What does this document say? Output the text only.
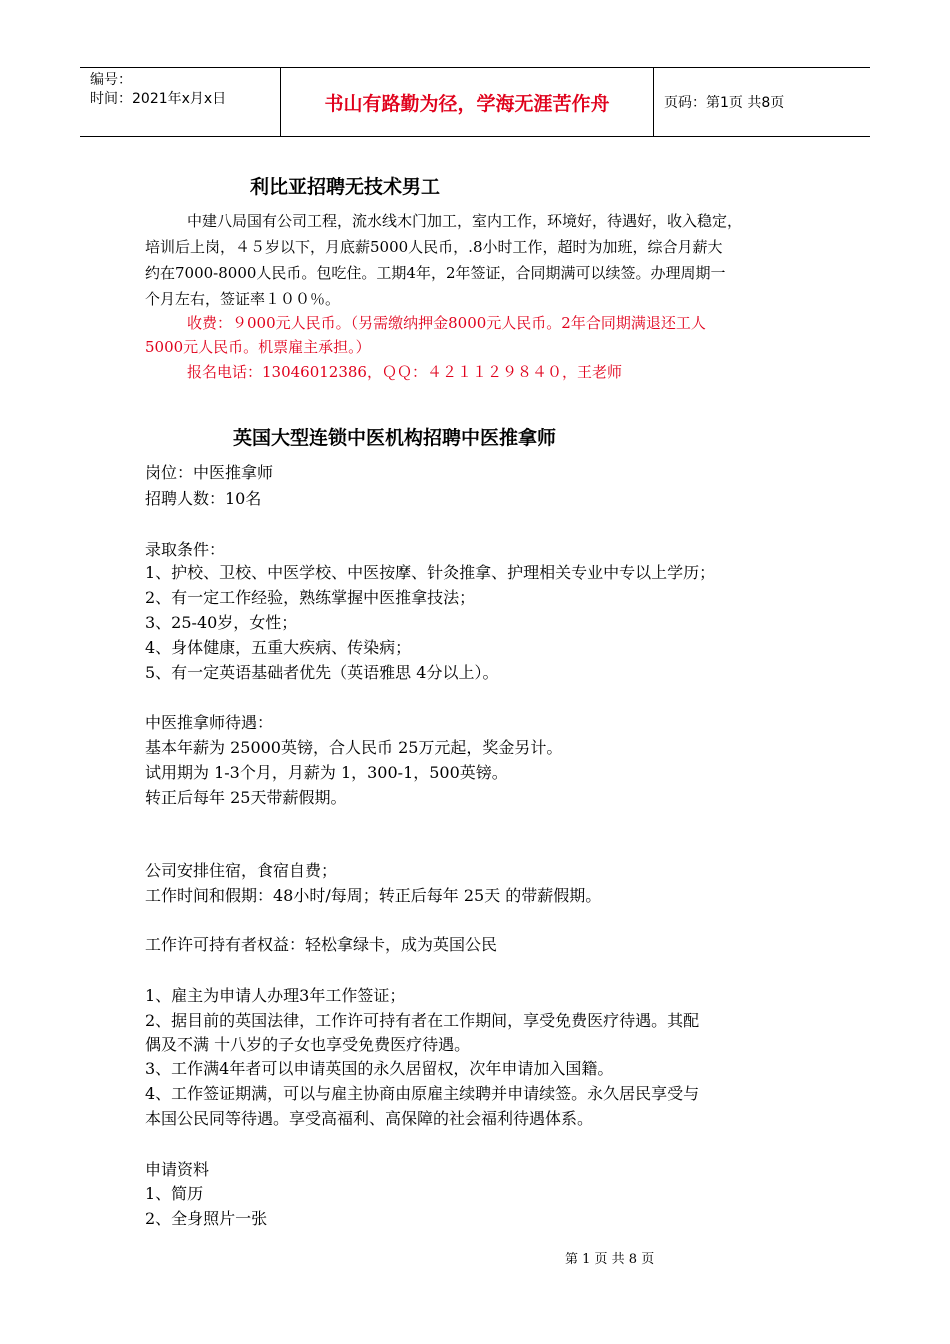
编号：
时间：2021年x月x日	书山有路勤为径，学海无涯苦作舟	页码：第1页 共8页
利比亚招聘无技术男工
中建八局国有公司工程，流水线木门加工，室内工作，环境好，待遇好，收入稳定，
培训后上岗，４５岁以下，月底薪5000人民币，.8小时工作，超时为加班，综合月薪大
约在7000-8000人民币。包吃住。工期4年，2年签证，合同期满可以续签。办理周期一
个月左右，签证率１００％。
收费：９000元人民币。（另需缴纳押金8000元人民币。2年合同期满退还工人
5000元人民币。机票雇主承担。）
报名电话：13046012386，ＱＱ：４２１１２９８４０，王老师
英国大型连锁中医机构招聘中医推拿师
岗位：中医推拿师
招聘人数：10名
录取条件：
1、护校、卫校、中医学校、中医按摩、针灸推拿、护理相关专业中专以上学历；
2、有一定工作经验，熟练掌握中医推拿技法；
3、25-40岁，女性；
4、身体健康，五重大疾病、传染病；
5、有一定英语基础者优先（英语雅思 4分以上）。
中医推拿师待遇：
基本年薪为 25000英镑，合人民币 25万元起，奖金另计。
试用期为 1-3个月，月薪为 1，300-1，500英镑。
转正后每年 25天带薪假期。
公司安排住宿，食宿自费；
工作时间和假期：48小时/每周；转正后每年 25天 的带薪假期。
工作许可持有者权益：轻松拿绿卡，成为英国公民
1、雇主为申请人办理3年工作签证；
2、据目前的英国法律，工作许可持有者在工作期间，享受免费医疗待遇。其配
偶及不满 十八岁的子女也享受免费医疗待遇。
3、工作满4年者可以申请英国的永久居留权，次年申请加入国籍。
4、工作签证期满，可以与雇主协商由原雇主续聘并申请续签。永久居民享受与
本国公民同等待遇。享受高福利、高保障的社会福利待遇体系。
申请资料
1、简历
2、全身照片一张
第 1 页 共 8 页
